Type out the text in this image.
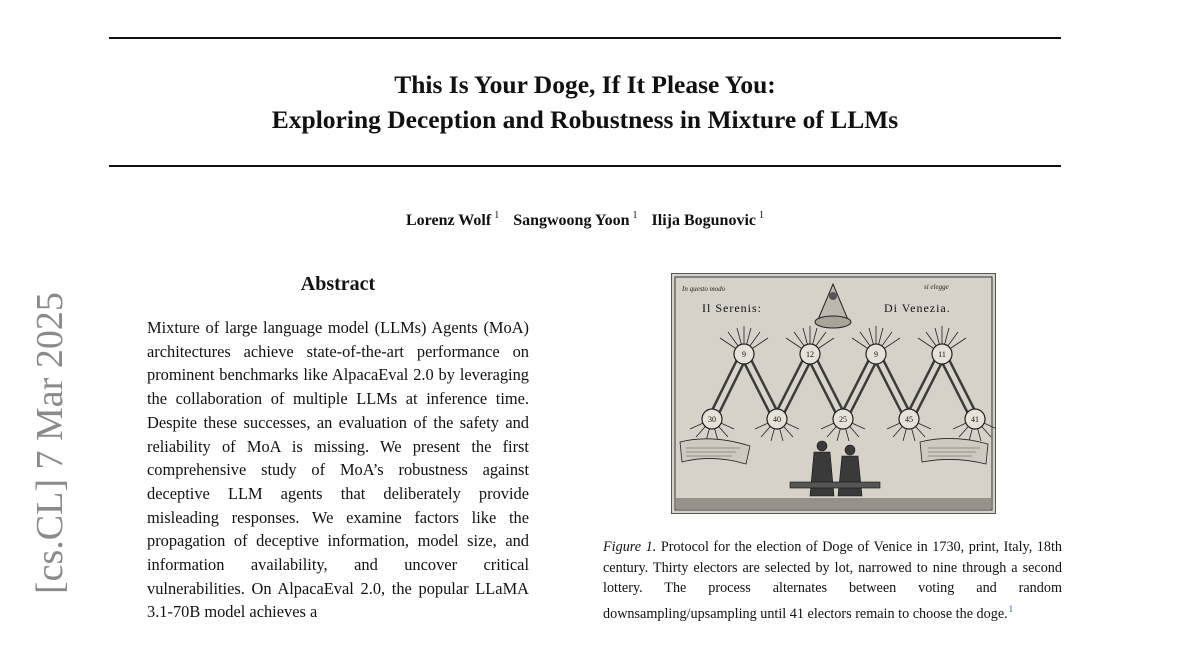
This Is Your Doge, If It Please You:
Exploring Deception and Robustness in Mixture of LLMs
Lorenz Wolf $^1$ Sangwoong Yoon $^1$ Ilija Bogunovic $^1$
[cs.CL] 7 Mar 2025
Abstract
Mixture of large language model (LLMs) Agents (MoA) architectures achieve state-of-the-art performance on prominent benchmarks like AlpacaEval 2.0 by leveraging the collaboration of multiple LLMs at inference time. Despite these successes, an evaluation of the safety and reliability of MoA is missing. We present the first comprehensive study of MoA’s robustness against deceptive LLM agents that deliberately provide misleading responses. We examine factors like the propagation of deceptive information, model size, and information availability, and uncover critical vulnerabilities. On AlpacaEval 2.0, the popular LLaMA 3.1-70B model achieves a
In questo modo	si elegge
Il Serenis:	Di Venezia.
9	12	9	11
30	40	25	45	41
Figure 1. Protocol for the election of Doge of Venice in 1730, print, Italy, 18th century. Thirty electors are selected by lot, narrowed to nine through a second lottery. The process alternates between voting and random downsampling/upsampling until 41 electors remain to choose the doge.$^1$
